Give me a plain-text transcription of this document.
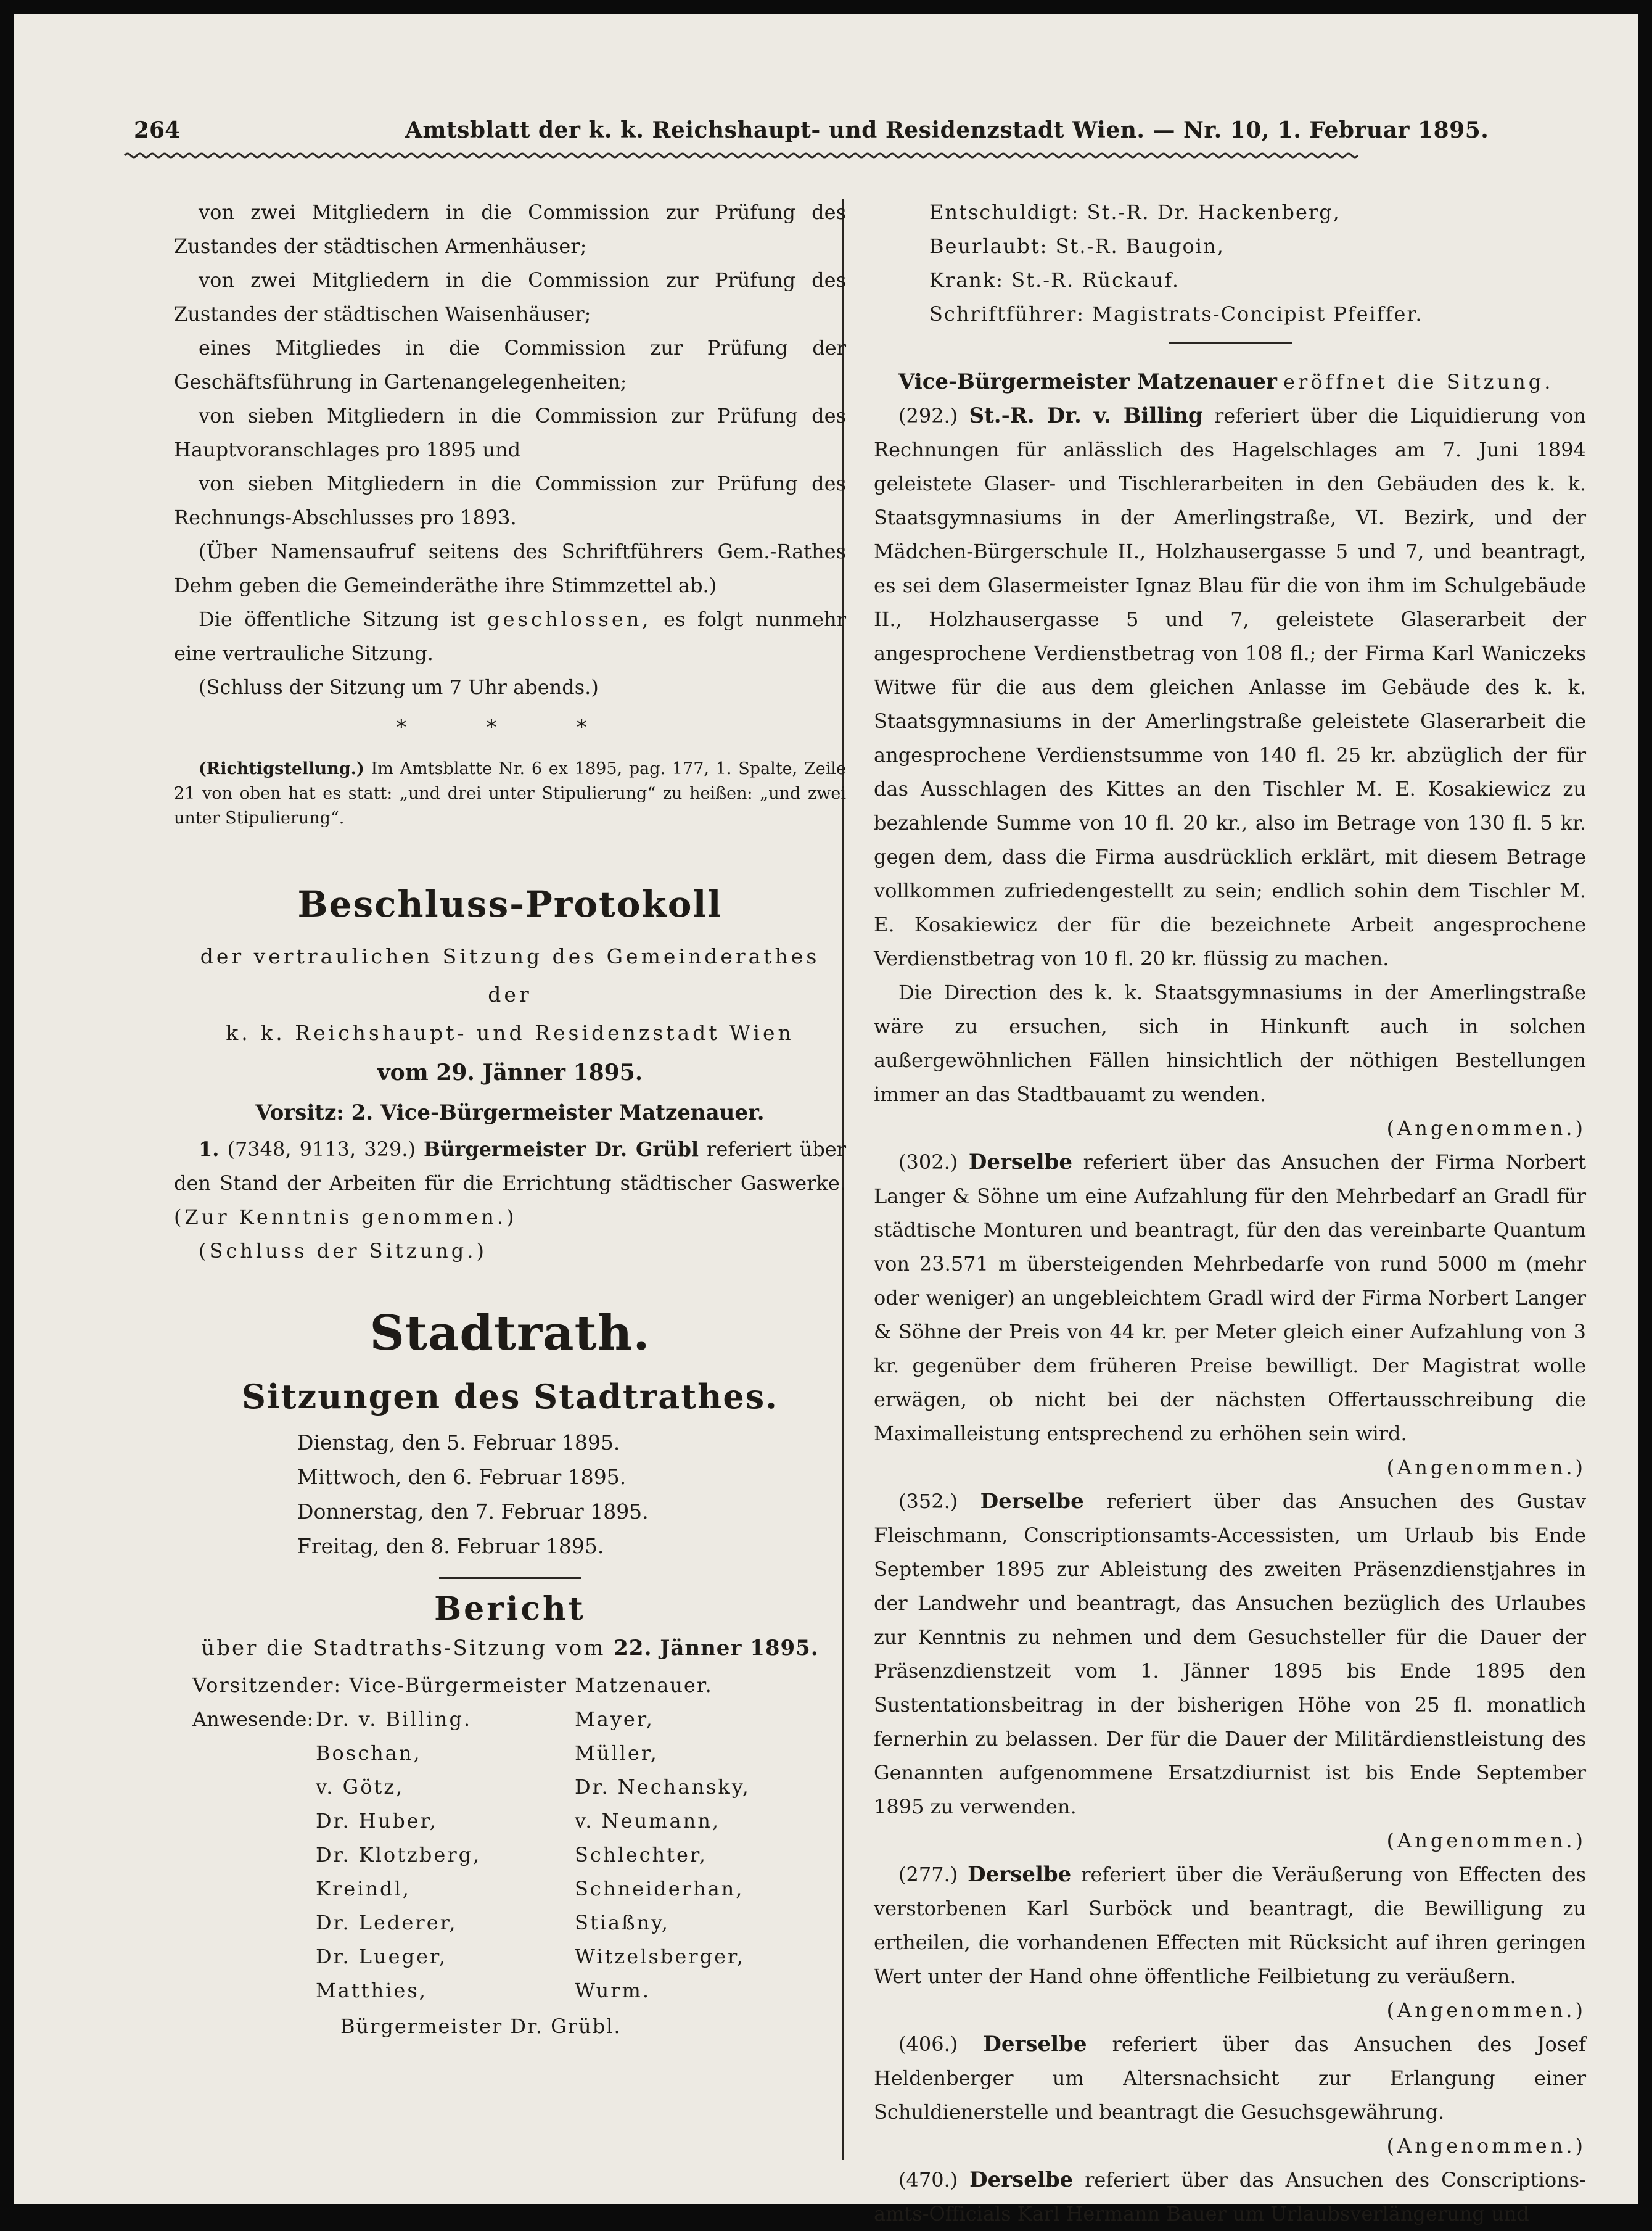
264	Amtsblatt der k. k. Reichshaupt- und Residenzstadt Wien. — Nr. 10, 1. Februar 1895.

von zwei Mitgliedern in die Commission zur Prüfung des Zustandes der städtischen Armenhäuser;

von zwei Mitgliedern in die Commission zur Prüfung des Zustandes der städtischen Waisenhäuser;

eines Mitgliedes in die Commission zur Prüfung der Geschäftsführung in Gartenangelegenheiten;

von sieben Mitgliedern in die Commission zur Prüfung des Hauptvoranschlages pro 1895 und

von sieben Mitgliedern in die Commission zur Prüfung des Rechnungs-Abschlusses pro 1893.

(Über Namensaufruf seitens des Schriftführers Gem.-Rathes Dehm geben die Gemeinderäthe ihre Stimmzettel ab.)

Die öffentliche Sitzung ist geschlossen, es folgt nunmehr eine vertrauliche Sitzung.

(Schluss der Sitzung um 7 Uhr abends.)

* * *

(Richtigstellung.) Im Amtsblatte Nr. 6 ex 1895, pag. 177, 1. Spalte, Zeile 21 von oben hat es statt: „und drei unter Stipulierung“ zu heißen: „und zwei unter Stipulierung“.

Beschluss-Protokoll

der vertraulichen Sitzung des Gemeinderathes der

k. k. Reichshaupt- und Residenzstadt Wien

vom 29. Jänner 1895.

Vorsitz: 2. Vice-Bürgermeister Matzenauer.

1. (7348, 9113, 329.) Bürgermeister Dr. Grübl referiert über den Stand der Arbeiten für die Errichtung städtischer Gaswerke. (Zur Kenntnis genommen.)

(Schluss der Sitzung.)

Stadtrath.

Sitzungen des Stadtrathes.

Dienstag, den 5. Februar 1895.
Mittwoch, den 6. Februar 1895.
Donnerstag, den 7. Februar 1895.
Freitag, den 8. Februar 1895.

Bericht

über die Stadtraths-Sitzung vom 22. Jänner 1895.

Vorsitzender: Vice-Bürgermeister Matzenauer.

Anwesende: Dr. v. Billing.
Boschan,
v. Götz,
Dr. Huber,
Dr. Klotzberg,
Kreindl,
Dr. Lederer,
Dr. Lueger,
Matthies,
Mayer,
Müller,
Dr. Nechansky,
v. Neumann,
Schlechter,
Schneiderhan,
Stiaßny,
Witzelsberger,
Wurm.

Bürgermeister Dr. Grübl.

Entschuldigt: St.-R. Dr. Hackenberg,

Beurlaubt: St.-R. Baugoin,

Krank: St.-R. Rückauf.

Schriftführer: Magistrats-Concipist Pfeiffer.

Vice-Bürgermeister Matzenauer eröffnet die Sitzung.

(292.) St.-R. Dr. v. Billing referiert über die Liquidierung von Rechnungen für anlässlich des Hagelschlages am 7. Juni 1894 geleistete Glaser- und Tischlerarbeiten in den Gebäuden des k. k. Staatsgymnasiums in der Amerlingstraße, VI. Bezirk, und der Mädchen-Bürgerschule II., Holzhausergasse 5 und 7, und beantragt, es sei dem Glasermeister Ignaz Blau für die von ihm im Schulgebäude II., Holzhausergasse 5 und 7, geleistete Glaserarbeit der angesprochene Verdienstbetrag von 108 fl.; der Firma Karl Waniczeks Witwe für die aus dem gleichen Anlasse im Gebäude des k. k. Staatsgymnasiums in der Amerlingstraße geleistete Glaserarbeit die angesprochene Verdienstsumme von 140 fl. 25 kr. abzüglich der für das Ausschlagen des Kittes an den Tischler M. E. Kosakiewicz zu bezahlende Summe von 10 fl. 20 kr., also im Betrage von 130 fl. 5 kr. gegen dem, dass die Firma ausdrücklich erklärt, mit diesem Betrage vollkommen zufriedengestellt zu sein; endlich sohin dem Tischler M. E. Kosakiewicz der für die bezeichnete Arbeit angesprochene Verdienstbetrag von 10 fl. 20 kr. flüssig zu machen.

Die Direction des k. k. Staatsgymnasiums in der Amerlingstraße wäre zu ersuchen, sich in Hinkunft auch in solchen außergewöhnlichen Fällen hinsichtlich der nöthigen Bestellungen immer an das Stadtbauamt zu wenden.

(Angenommen.)

(302.) Derselbe referiert über das Ansuchen der Firma Norbert Langer & Söhne um eine Aufzahlung für den Mehrbedarf an Gradl für städtische Monturen und beantragt, für den das vereinbarte Quantum von 23.571 m übersteigenden Mehrbedarfe von rund 5000 m (mehr oder weniger) an ungebleichtem Gradl wird der Firma Norbert Langer & Söhne der Preis von 44 kr. per Meter gleich einer Aufzahlung von 3 kr. gegenüber dem früheren Preise bewilligt. Der Magistrat wolle erwägen, ob nicht bei der nächsten Offertausschreibung die Maximalleistung entsprechend zu erhöhen sein wird.

(Angenommen.)

(352.) Derselbe referiert über das Ansuchen des Gustav Fleischmann, Conscriptionsamts-Accessisten, um Urlaub bis Ende September 1895 zur Ableistung des zweiten Präsenzdienstjahres in der Landwehr und beantragt, das Ansuchen bezüglich des Urlaubes zur Kenntnis zu nehmen und dem Gesuchsteller für die Dauer der Präsenzdienstzeit vom 1. Jänner 1895 bis Ende 1895 den Sustentationsbeitrag in der bisherigen Höhe von 25 fl. monatlich fernerhin zu belassen. Der für die Dauer der Militärdienstleistung des Genannten aufgenommene Ersatzdiurnist ist bis Ende September 1895 zu verwenden.

(Angenommen.)

(277.) Derselbe referiert über die Veräußerung von Effecten des verstorbenen Karl Surböck und beantragt, die Bewilligung zu ertheilen, die vorhandenen Effecten mit Rücksicht auf ihren geringen Wert unter der Hand ohne öffentliche Feilbietung zu veräußern.

(Angenommen.)

(406.) Derselbe referiert über das Ansuchen des Josef Heldenberger um Altersnachsicht zur Erlangung einer Schuldienerstelle und beantragt die Gesuchsgewährung.

(Angenommen.)

(470.) Derselbe referiert über das Ansuchen des Conscriptions-amts-Officials Karl Hermann Bauer um Urlaubsverlängerung und
